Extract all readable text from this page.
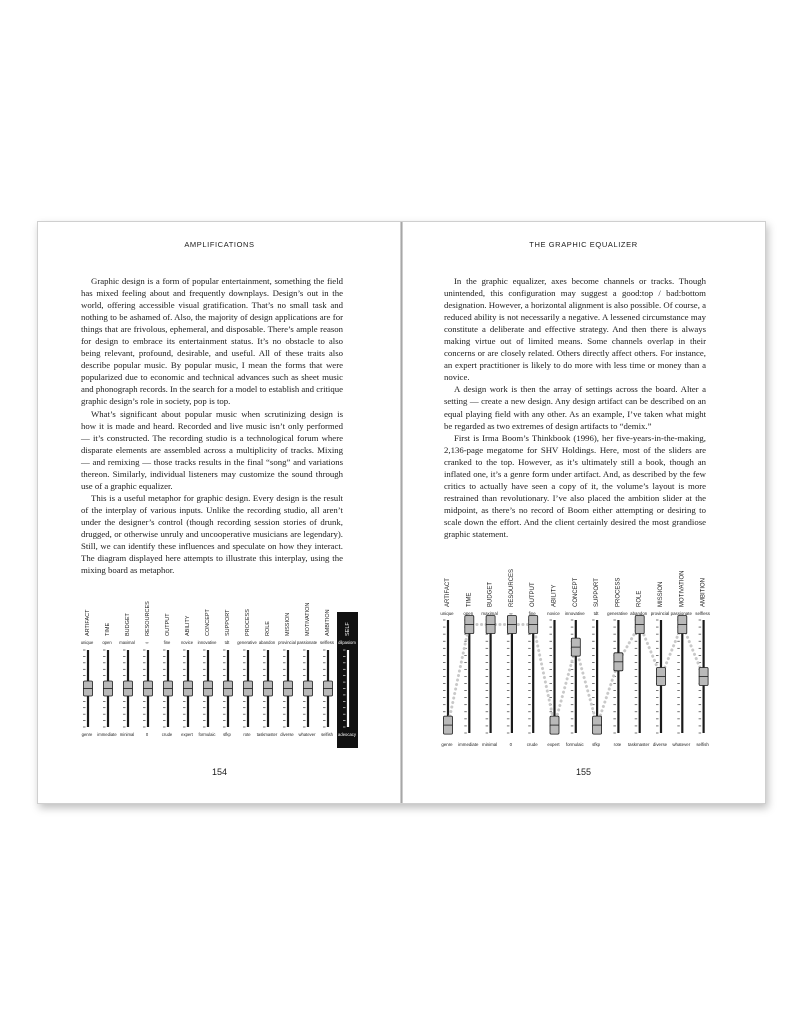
AMPLIFICATIONS

Graphic design is a form of popular entertainment, something the field has mixed feeling about and frequently downplays. Design’s out in the world, offering accessible visual gratification. That’s no small task and nothing to be ashamed of. Also, the majority of design applications are for things that are frivolous, ephemeral, and disposable. There’s ample reason for design to embrace its entertainment status. It’s no obstacle to also being relevant, profound, desirable, and useful. All of these traits also describe popular music. By popular music, I mean the forms that were popularized due to economic and technical advances such as sheet music and phonograph records. In the search for a model to establish and critique graphic design’s role in society, pop is top.

What’s significant about popular music when scrutinizing design is how it is made and heard. Recorded and live music isn’t only performed — it’s constructed. The recording studio is a technological forum where disparate elements are assembled across a multiplicity of tracks. Mixing — and remixing — those tracks results in the final “song” and variations thereon. Similarly, individual listeners may customize the sound through use of a graphic equalizer.

This is a useful metaphor for graphic design. Every design is the result of the interplay of various inputs. Unlike the recording studio, all aren’t under the designer’s control (though recording session stories of drunk, drugged, or otherwise unruly and uncooperative musicians are legendary). Still, we can identify these influences and speculate on how they interact. The diagram displayed here attempts to illustrate this interplay, using the mixing board as metaphor.

ARTIFACT
unique
genre
TIME
open
immediate
BUDGET
maximal
minimal
RESOURCES
∞
0
OUTPUT
fine
crude
ABILITY
novice
expert
CONCEPT
innovative
formulaic
SUPPORT
tdt
sfkp
PROCESS
generative
rote
ROLE
abandon
taskmaster
MISSION
provincial
diverse
MOTIVATION
passionate
whatever
AMBITION
selfless
selfish
SELF
dilpasiom
adeocacy
154
THE GRAPHIC EQUALIZER

In the graphic equalizer, axes become channels or tracks. Though unintended, this configuration may suggest a good:top / bad:bottom designation. However, a horizontal alignment is also possible. Of course, a reduced ability is not necessarily a negative. A lessened circumstance may constitute a deliberate and effective strategy. And then there is always making virtue out of limited means. Some channels overlap in their concerns or are closely related. Others directly affect others. For instance, an expert practitioner is likely to do more with less time or money than a novice.

A design work is then the array of settings across the board. Alter a setting — create a new design. Any design artifact can be described on an equal playing field with any other. As an example, I’ve taken what might be regarded as two extremes of design artifacts to “demix.”

First is Irma Boom’s Thinkbook (1996), her five-years-in-the-making, 2,136-page megatome for SHV Holdings. Here, most of the sliders are cranked to the top. However, as it’s ultimately still a book, though an inflated one, it’s a genre form under artifact. And, as described by the few critics to actually have seen a copy of it, the volume’s layout is more restrained than revolutionary. I’ve also placed the ambition slider at the midpoint, as there’s no record of Boom either attempting or desiring to scale down the effort. And the client certainly desired the most grandiose graphic statement.

ARTIFACT
unique
genre
TIME
open
immediate
BUDGET
maximal
minimal
RESOURCES
∞
0
OUTPUT
fine
crude
ABILITY
novice
expert
CONCEPT
innovative
formulaic
SUPPORT
tdt
sfkp
PROCESS
generative
rote
ROLE
abandon
taskmaster
MISSION
provincial
diverse
MOTIVATION
passionate
whatever
AMBITION
selfless
selfish
155
